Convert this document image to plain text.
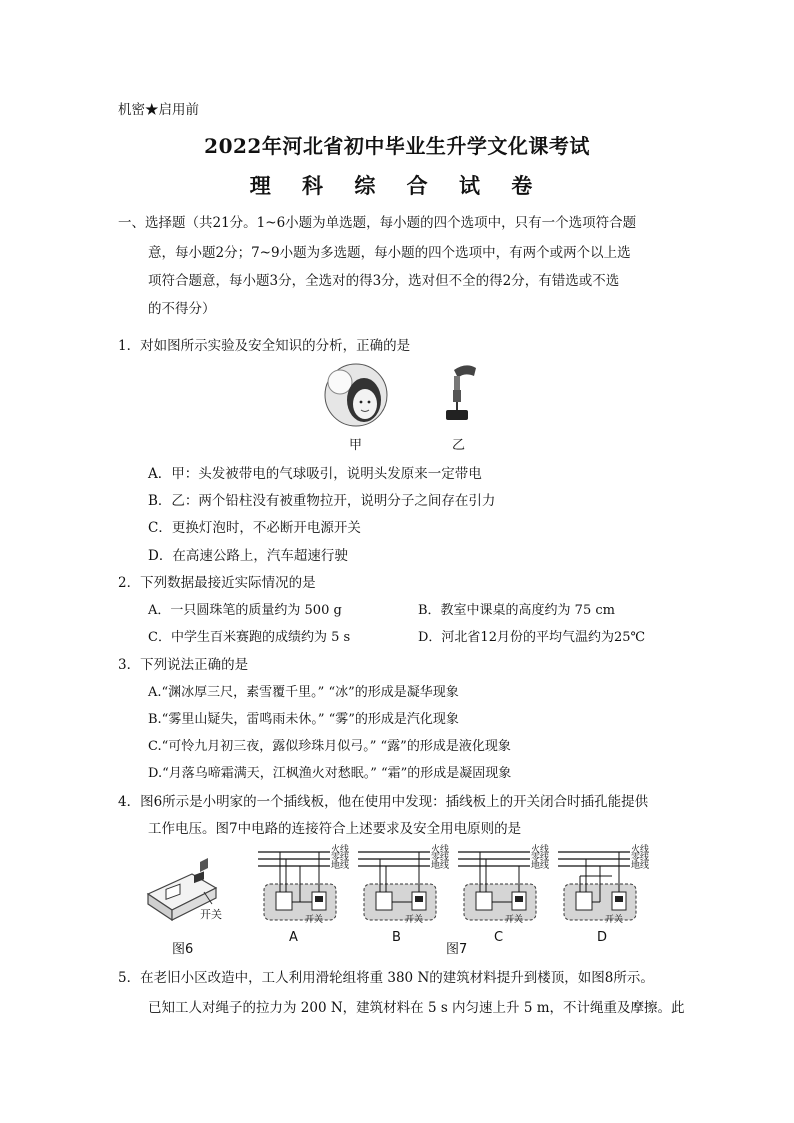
机密★启用前
2022年河北省初中毕业生升学文化课考试
理 科 综 合 试 卷
一、选择题（共21分。1~6小题为单选题，每小题的四个选项中，只有一个选项符合题
意，每小题2分；7~9小题为多选题，每小题的四个选项中，有两个或两个以上选
项符合题意，每小题3分，全选对的得3分，选对但不全的得2分，有错选或不选
的不得分）
1．对如图所示实验及安全知识的分析，正确的是
甲	乙
A．甲：头发被带电的气球吸引，说明头发原来一定带电
B．乙：两个铅柱没有被重物拉开，说明分子之间存在引力
C．更换灯泡时，不必断开电源开关
D．在高速公路上，汽车超速行驶
2．下列数据最接近实际情况的是
A．一只圆珠笔的质量约为 500 g	B．教室中课桌的高度约为 75 cm
C．中学生百米赛跑的成绩约为 5 s	D．河北省12月份的平均气温约为25℃
3．下列说法正确的是
A.“渊冰厚三尺，素雪覆千里。” “冰”的形成是凝华现象
B.“雾里山疑失，雷鸣雨未休。” “雾”的形成是汽化现象
C.“可怜九月初三夜，露似珍珠月似弓。” “露”的形成是液化现象
D.“月落乌啼霜满天，江枫渔火对愁眠。” “霜”的形成是凝固现象
4．图6所示是小明家的一个插线板，他在使用中发现：插线板上的开关闭合时插孔能提供
工作电压。图7中电路的连接符合上述要求及安全用电原则的是
开关
图6
火线
零线
地线
火线
零线
地线
火线
零线
地线
火线
零线
地线
开关	开关	开关	开关
A	B
图7
C	D
5．在老旧小区改造中，工人利用滑轮组将重 380 N的建筑材料提升到楼顶，如图8所示。
已知工人对绳子的拉力为 200 N，建筑材料在 5 s 内匀速上升 5 m，不计绳重及摩擦。此
